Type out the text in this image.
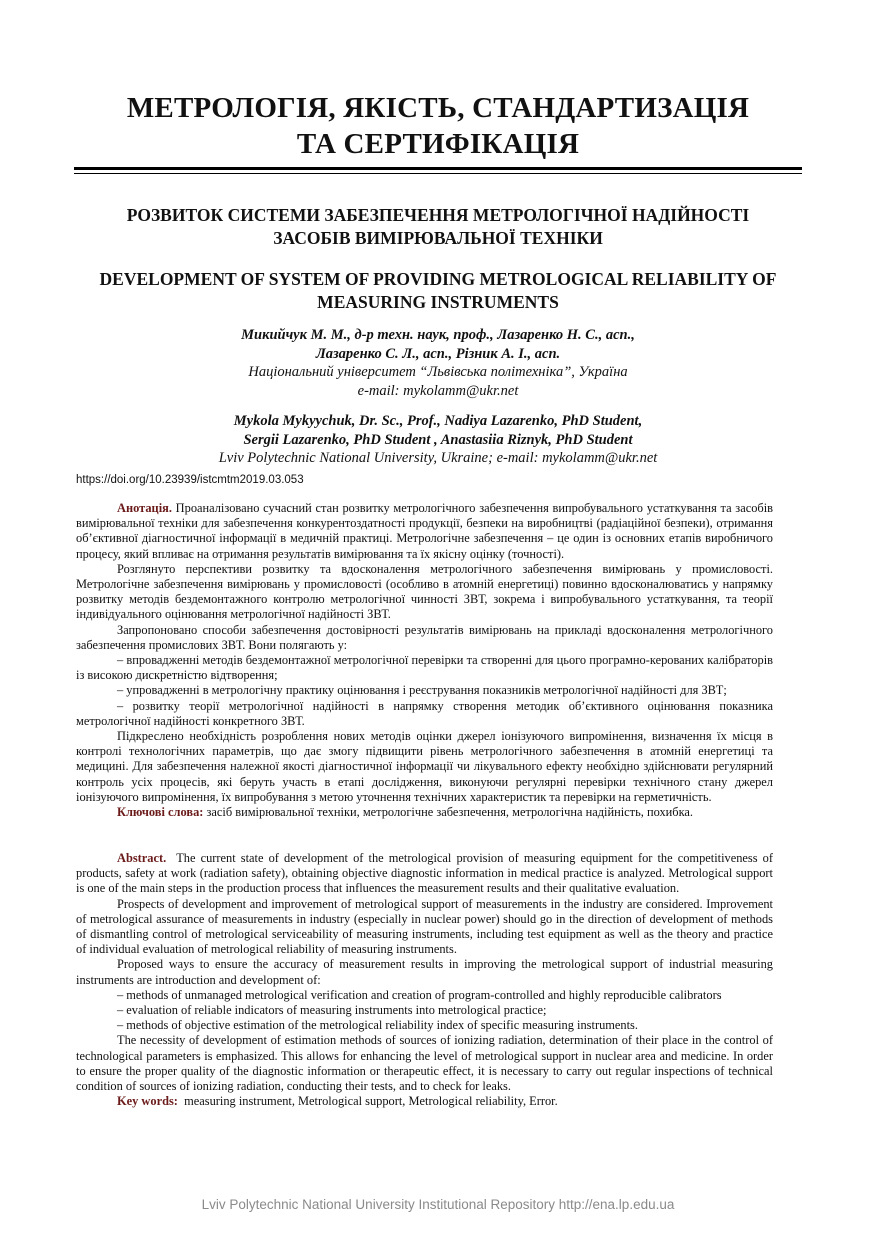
МЕТРОЛОГІЯ, ЯКІСТЬ, СТАНДАРТИЗАЦІЯ
ТА СЕРТИФІКАЦІЯ
РОЗВИТОК СИСТЕМИ ЗАБЕЗПЕЧЕННЯ МЕТРОЛОГІЧНОЇ НАДІЙНОСТІ
ЗАСОБІВ ВИМІРЮВАЛЬНОЇ ТЕХНІКИ
DEVELOPMENT OF SYSTEM OF PROVIDING METROLOGICAL RELIABILITY OF
MEASURING INSTRUMENTS
Микийчук М. М., д-р техн. наук, проф., Лазаренко Н. С., асп.,
Лазаренко С. Л., асп., Різник А. І., асп.
Національний університет “Львівська політехніка”, Україна
e-mail: mykolamm@ukr.net
Mykola Mykyychuk, Dr. Sc., Prof., Nadiya Lazarenko, PhD Student,
Sergii Lazarenko, PhD Student , Anastasiia Riznyk, PhD Student
Lviv Polytechnic National University, Ukraine; e-mail: mykolamm@ukr.net
https://doi.org/10.23939/istcmtm2019.03.053

Анотація. Проаналізовано сучасний стан розвитку метрологічного забезпечення випробувального устаткування та засобів вимірювальної техніки для забезпечення конкурентоздатності продукції, безпеки на виробництві (радіаційної безпеки), отримання об’єктивної діагностичної інформації в медичній практиці. Метрологічне забезпечення – це один із основних етапів виробничого процесу, який впливає на отримання результатів вимірювання та їх якісну оцінку (точності).

Розглянуто перспективи розвитку та вдосконалення метрологічного забезпечення вимірювань у промисловості. Метрологічне забезпечення вимірювань у промисловості (особливо в атомній енергетиці) повинно вдосконалюватись у напрямку розвитку методів бездемонтажного контролю метрологічної чинності ЗВТ, зокрема і випробувального устаткування, та теорії індивідуального оцінювання метрологічної надійності ЗВТ.

Запропоновано способи забезпечення достовірності результатів вимірювань на прикладі вдосконалення метрологічного забезпечення промислових ЗВТ. Вони полягають у:

– впровадженні методів бездемонтажної метрологічної перевірки та створенні для цього програмно-керованих калібраторів із високою дискретністю відтворення;

– упровадженні в метрологічну практику оцінювання і реєстрування показників метрологічної надійності для ЗВТ;

– розвитку теорії метрологічної надійності в напрямку створення методик об’єктивного оцінювання показника метрологічної надійності конкретного ЗВТ.

Підкреслено необхідність розроблення нових методів оцінки джерел іонізуючого випромінення, визначення їх місця в контролі технологічних параметрів, що дає змогу підвищити рівень метрологічного забезпечення в атомній енергетиці та медицині. Для забезпечення належної якості діагностичної інформації чи лікувального ефекту необхідно здійснювати регулярний контроль усіх процесів, які беруть участь в етапі дослідження, виконуючи регулярні перевірки технічного стану джерел іонізуючого випромінення, їх випробування з метою уточнення технічних характеристик та перевірки на герметичність.

Ключові слова: засіб вимірювальної техніки, метрологічне забезпечення, метрологічна надійність, похибка.

Abstract. The current state of development of the metrological provision of measuring equipment for the competitiveness of products, safety at work (radiation safety), obtaining objective diagnostic information in medical practice is analyzed. Metrological support is one of the main steps in the production process that influences the measurement results and their qualitative evaluation.

Prospects of development and improvement of metrological support of measurements in the industry are considered. Improvement of metrological assurance of measurements in industry (especially in nuclear power) should go in the direction of development of methods of dismantling control of metrological serviceability of measuring instruments, including test equipment as well as the theory and practice of individual evaluation of metrological reliability of measuring instruments.

Proposed ways to ensure the accuracy of measurement results in improving the metrological support of industrial measuring instruments are introduction and development of:

– methods of unmanaged metrological verification and creation of program-controlled and highly reproducible calibrators

– evaluation of reliable indicators of measuring instruments into metrological practice;

– methods of objective estimation of the metrological reliability index of specific measuring instruments.

The necessity of development of estimation methods of sources of ionizing radiation, determination of their place in the control of technological parameters is emphasized. This allows for enhancing the level of metrological support in nuclear area and medicine. In order to ensure the proper quality of the diagnostic information or therapeutic effect, it is necessary to carry out regular inspections of technical condition of sources of ionizing radiation, conducting their tests, and to check for leaks.

Key words: measuring instrument, Metrological support, Metrological reliability, Error.

Lviv Polytechnic National University Institutional Repository http://ena.lp.edu.ua
